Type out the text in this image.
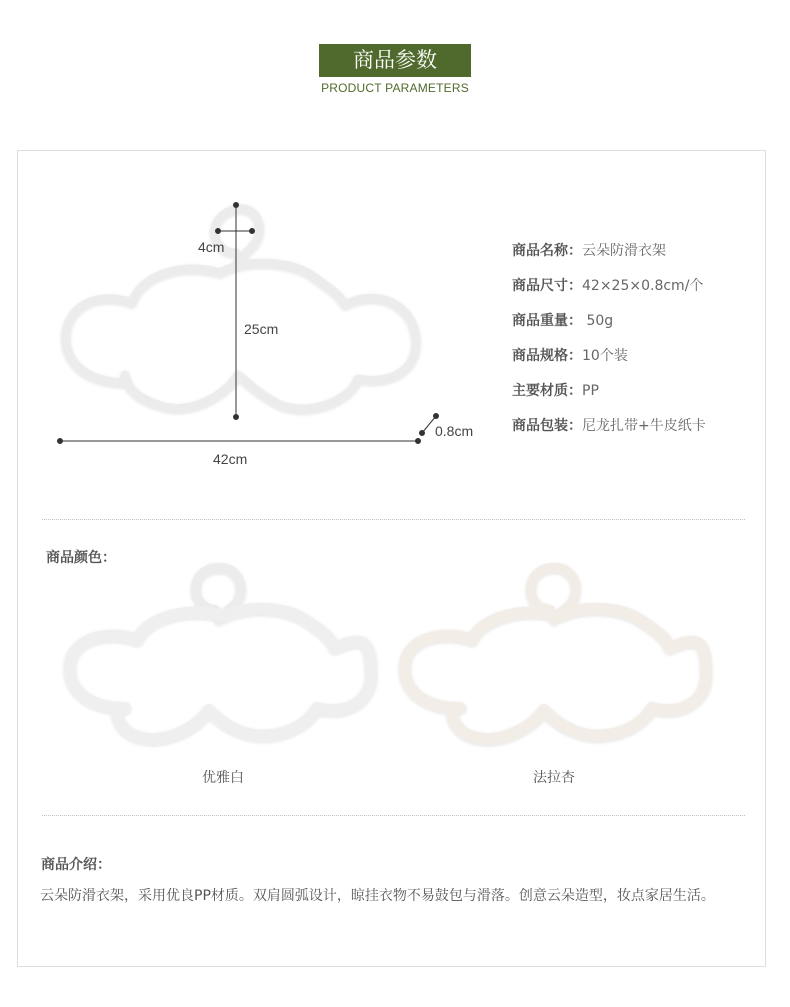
商品参数
PRODUCT PARAMETERS
4cm
25cm
42cm
0.8cm
商品名称：云朵防滑衣架
商品尺寸：42×25×0.8cm/个
商品重量： 50g
商品规格：10个装
主要材质：PP
商品包装：尼龙扎带+牛皮纸卡
商品颜色：
优雅白	法拉杏
商品介绍：
云朵防滑衣架，采用优良PP材质。双肩圆弧设计，晾挂衣物不易鼓包与滑落。创意云朵造型，妆点家居生活。
